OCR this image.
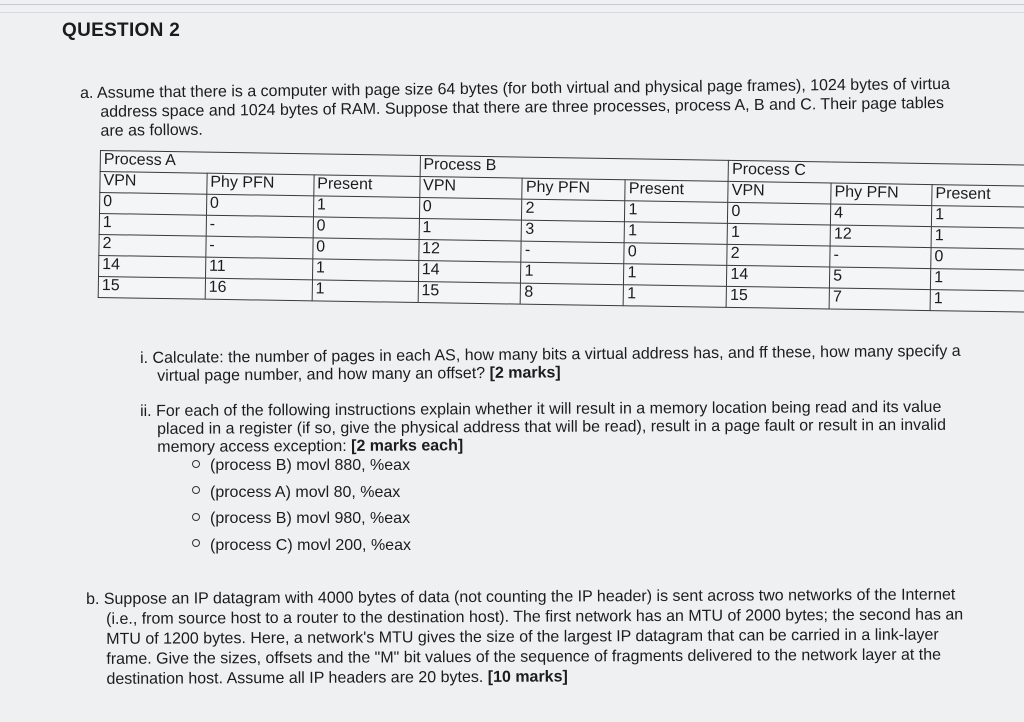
QUESTION 2
a. Assume that there is a computer with page size 64 bytes (for both virtual and physical page frames), 1024 bytes of virtua
address space and 1024 bytes of RAM. Suppose that there are three processes, process A, B and C. Their page tables
are as follows.
Process A			Process B			Process C		
VPN	Phy PFN	Present	VPN	Phy PFN	Present	VPN	Phy PFN	Present
0	0	1	0	2	1	0	4	1
1	-	0	1	3	1	1	12	1
2	-	0	12	-	0	2	-	0
14	11	1	14	1	1	14	5	1
15	16	1	15	8	1	15	7	1
i. Calculate: the number of pages in each AS, how many bits a virtual address has, and ff these, how many specify a
virtual page number, and how many an offset? [2 marks]
ii. For each of the following instructions explain whether it will result in a memory location being read and its value
placed in a register (if so, give the physical address that will be read), result in a page fault or result in an invalid
memory access exception: [2 marks each]
(process B) movl 880, %eax
(process A) movl 80, %eax
(process B) movl 980, %eax
(process C) movl 200, %eax
b. Suppose an IP datagram with 4000 bytes of data (not counting the IP header) is sent across two networks of the Internet
(i.e., from source host to a router to the destination host). The first network has an MTU of 2000 bytes; the second has an
MTU of 1200 bytes. Here, a network's MTU gives the size of the largest IP datagram that can be carried in a link-layer
frame. Give the sizes, offsets and the "M" bit values of the sequence of fragments delivered to the network layer at the
destination host. Assume all IP headers are 20 bytes. [10 marks]
